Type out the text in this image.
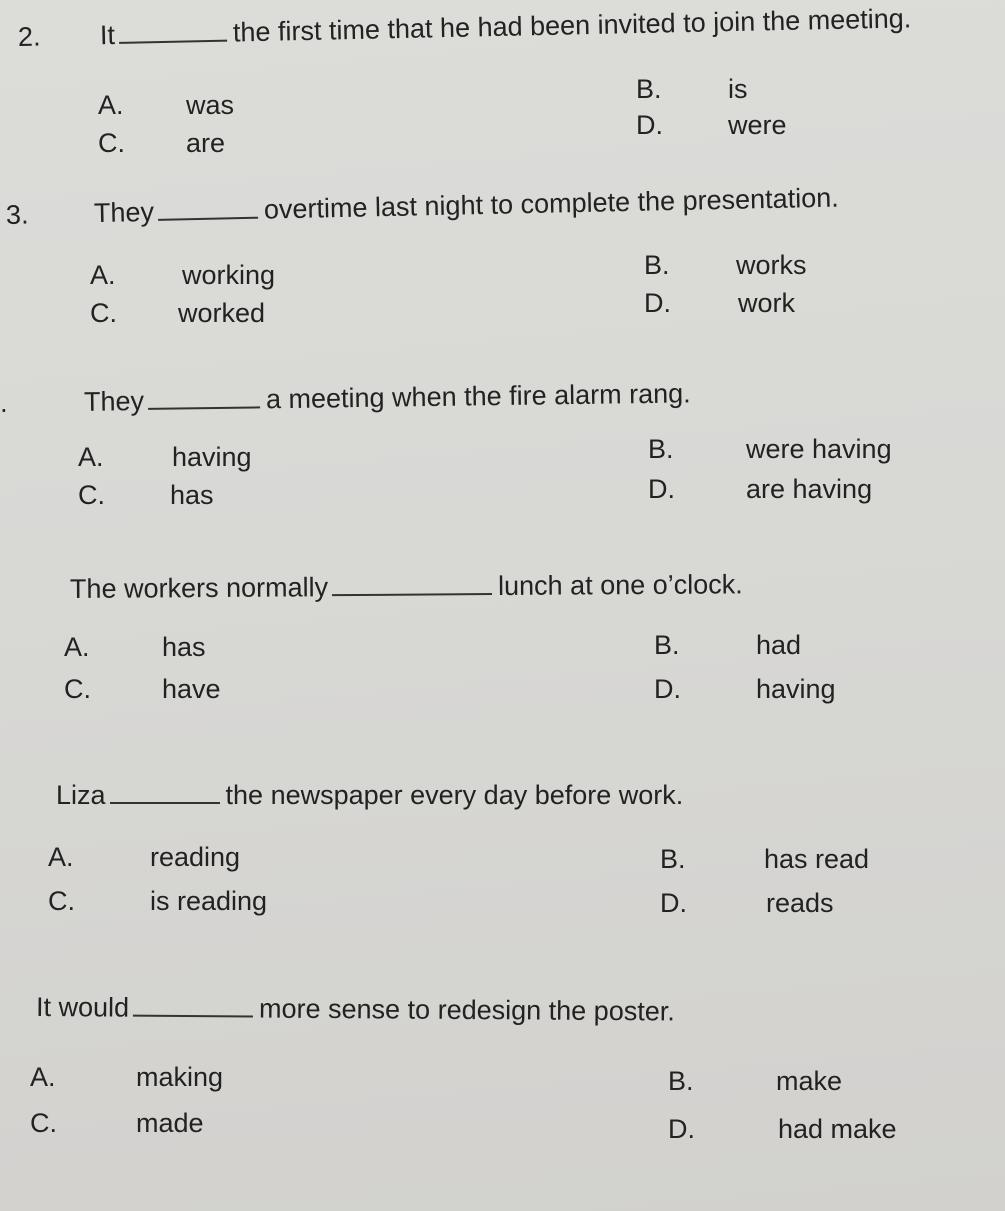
2. It	the first time that he had been invited to join the meeting.
A. was
B. is
C. are
D. were
3. They	overtime last night to complete the presentation.
A. working	B. works
C. worked	D. work
.	They	a meeting when the fire alarm rang.
A.	having	B.	were having
C. has	D.	are having
The workers normally	lunch at one o’clock.
A.	has	B.	had
C.	have	D.	having
Liza	the newspaper every day before work.
A.	reading	B.	has read
C.	is reading	D.	reads
It would	more sense to redesign the poster.
A.	making	B.	make
C.	made	D.	had make
